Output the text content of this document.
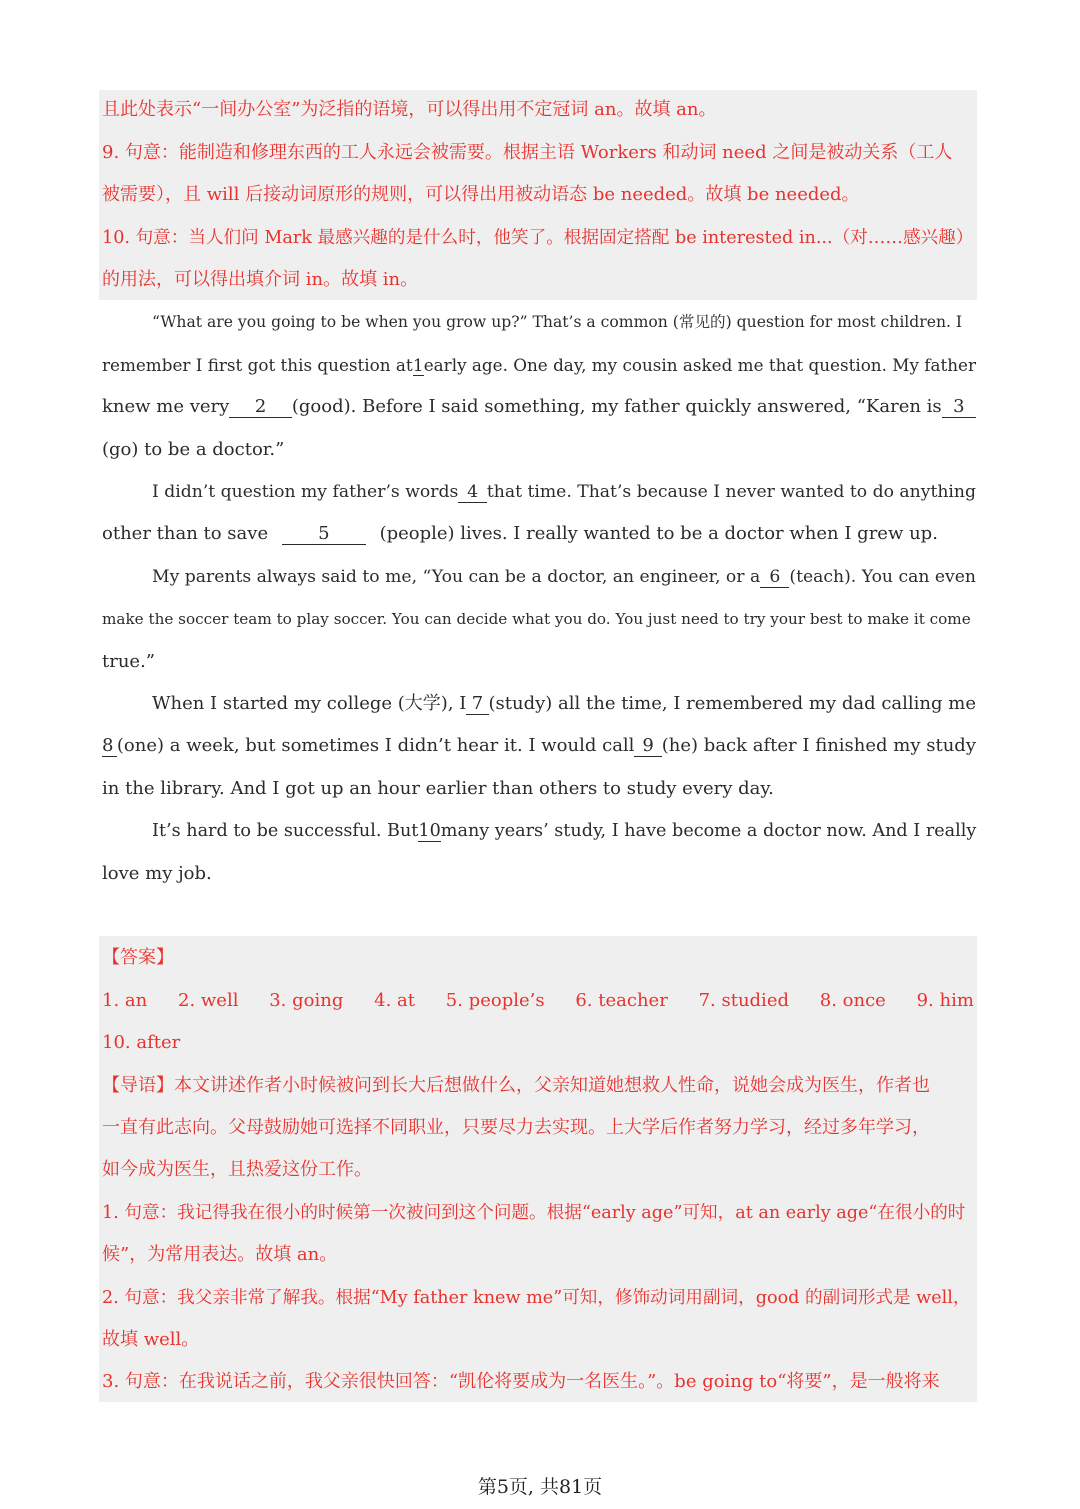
且此处表示“一间办公室”为泛指的语境，可以得出用不定冠词 an。故填 an。
9. 句意：能制造和修理东西的工人永远会被需要。根据主语 Workers 和动词 need 之间是被动关系（工人
被需要），且 will 后接动词原形的规则，可以得出用被动语态 be needed。故填 be needed。
10. 句意：当人们问 Mark 最感兴趣的是什么时，他笑了。根据固定搭配 be interested in...（对……感兴趣）
的用法，可以得出填介词 in。故填 in。
“What are you going to be when you grow up?” That’s a common (常见的) question for most children. I
remember I first got this question at 1 early age. One day, my cousin asked me that question. My father
knew me very	2	(good). Before I said something, my father quickly answered, “Karen is 3
(go) to be a doctor.”
I didn’t question my father’s words 4 that time. That’s because I never wanted to do anything
other than to save	5	(people) lives. I really wanted to be a doctor when I grew up.
My parents always said to me, “You can be a doctor, an engineer, or a 6 (teach). You can even
make the soccer team to play soccer. You can decide what you do. You just need to try your best to make it come
true.”
When I started my college (大学), I 7 (study) all the time, I remembered my dad calling me
8 (one) a week, but sometimes I didn’t hear it. I would call 9 (he) back after I finished my study
in the library. And I got up an hour earlier than others to study every day.
It’s hard to be successful. But 10 many years’ study, I have become a doctor now. And I really
love my job.
【答案】
1. an 2. well 3. going 4. at 5. people’s 6. teacher 7. studied 8. once 9. him
10. after
【导语】本文讲述作者小时候被问到长大后想做什么，父亲知道她想救人性命，说她会成为医生，作者也
一直有此志向。父母鼓励她可选择不同职业，只要尽力去实现。上大学后作者努力学习，经过多年学习，
如今成为医生，且热爱这份工作。
1. 句意：我记得我在很小的时候第一次被问到这个问题。根据“early age”可知，at an early age“在很小的时
候”，为常用表达。故填 an。
2. 句意：我父亲非常了解我。根据“My father knew me”可知，修饰动词用副词，good 的副词形式是 well，
故填 well。
3. 句意：在我说话之前，我父亲很快回答：“凯伦将要成为一名医生。”。be going to“将要”，是一般将来
第5页, 共81页
